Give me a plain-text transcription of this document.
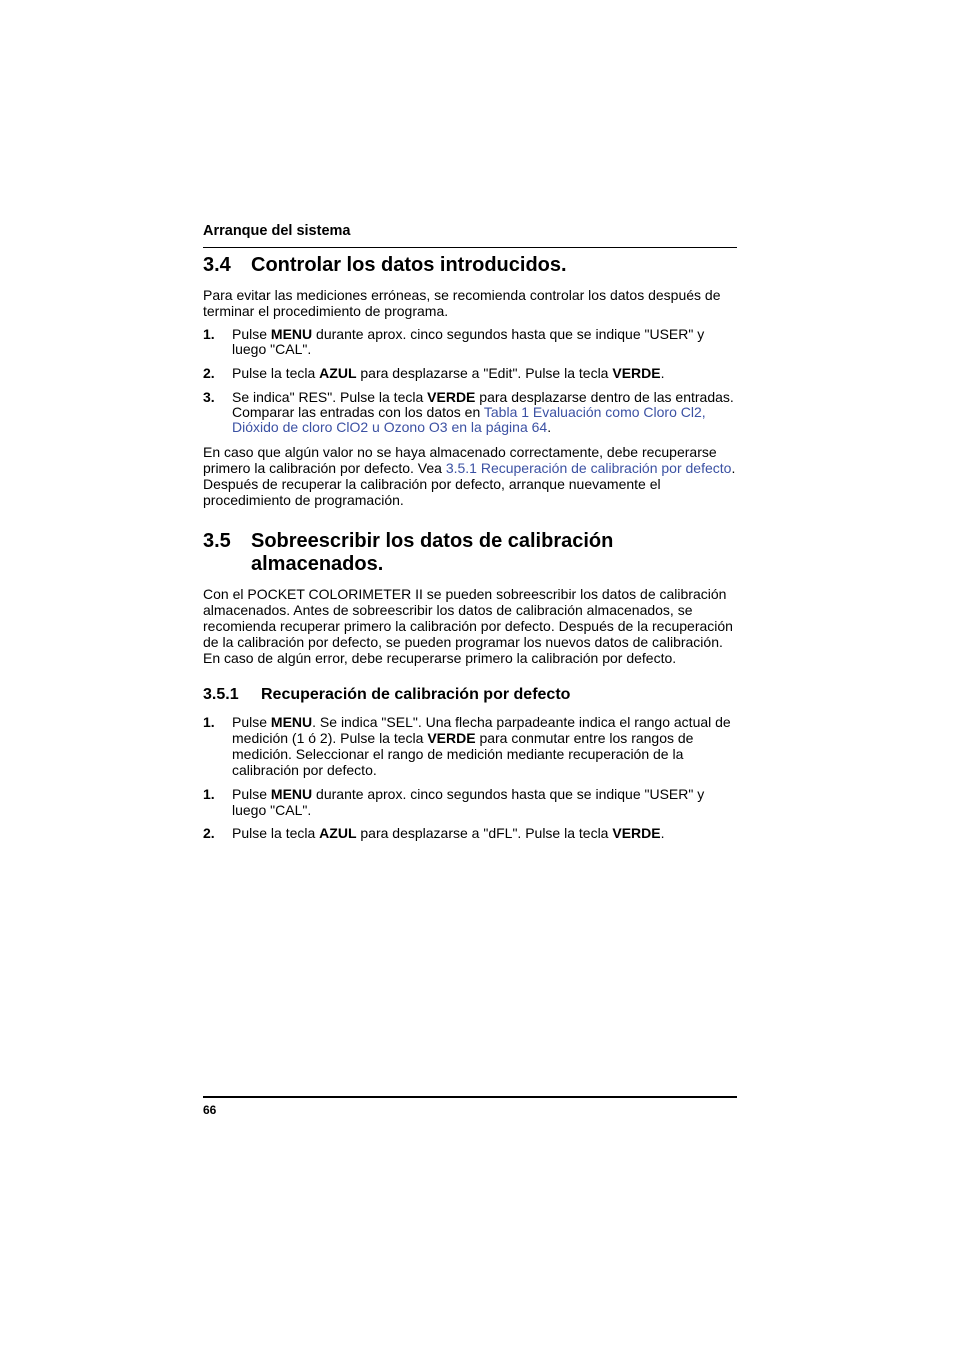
Arranque del sistema
3.4	Controlar los datos introducidos.

Para evitar las mediciones erróneas, se recomienda controlar los datos después de terminar el procedimiento de programa.

1.	Pulse MENU durante aprox. cinco segundos hasta que se indique "USER" y luego "CAL".
2.	Pulse la tecla AZUL para desplazarse a "Edit". Pulse la tecla VERDE.
3.	Se indica" RES". Pulse la tecla VERDE para desplazarse dentro de las entradas. Comparar las entradas con los datos en Tabla 1 Evaluación como Cloro Cl2, Dióxido de cloro ClO2 u Ozono O3 en la página 64.

En caso que algún valor no se haya almacenado correctamente, debe recuperarse primero la calibración por defecto. Vea 3.5.1 Recuperación de calibración por defecto. Después de recuperar la calibración por defecto, arranque nuevamente el procedimiento de programación.

3.5	Sobreescribir los datos de calibración
almacenados.

Con el POCKET COLORIMETER II se pueden sobreescribir los datos de calibración almacenados. Antes de sobreescribir los datos de calibración almacenados, se recomienda recuperar primero la calibración por defecto. Después de la recuperación de la calibración por defecto, se pueden programar los nuevos datos de calibración.

En caso de algún error, debe recuperarse primero la calibración por defecto.

3.5.1	Recuperación de calibración por defecto
1.	Pulse MENU. Se indica "SEL". Una flecha parpadeante indica el rango actual de medición (1 ó 2). Pulse la tecla VERDE para conmutar entre los rangos de medición. Seleccionar el rango de medición mediante recuperación de la calibración por defecto.
1.	Pulse MENU durante aprox. cinco segundos hasta que se indique "USER" y luego "CAL".
2.	Pulse la tecla AZUL para desplazarse a "dFL". Pulse la tecla VERDE.
66
